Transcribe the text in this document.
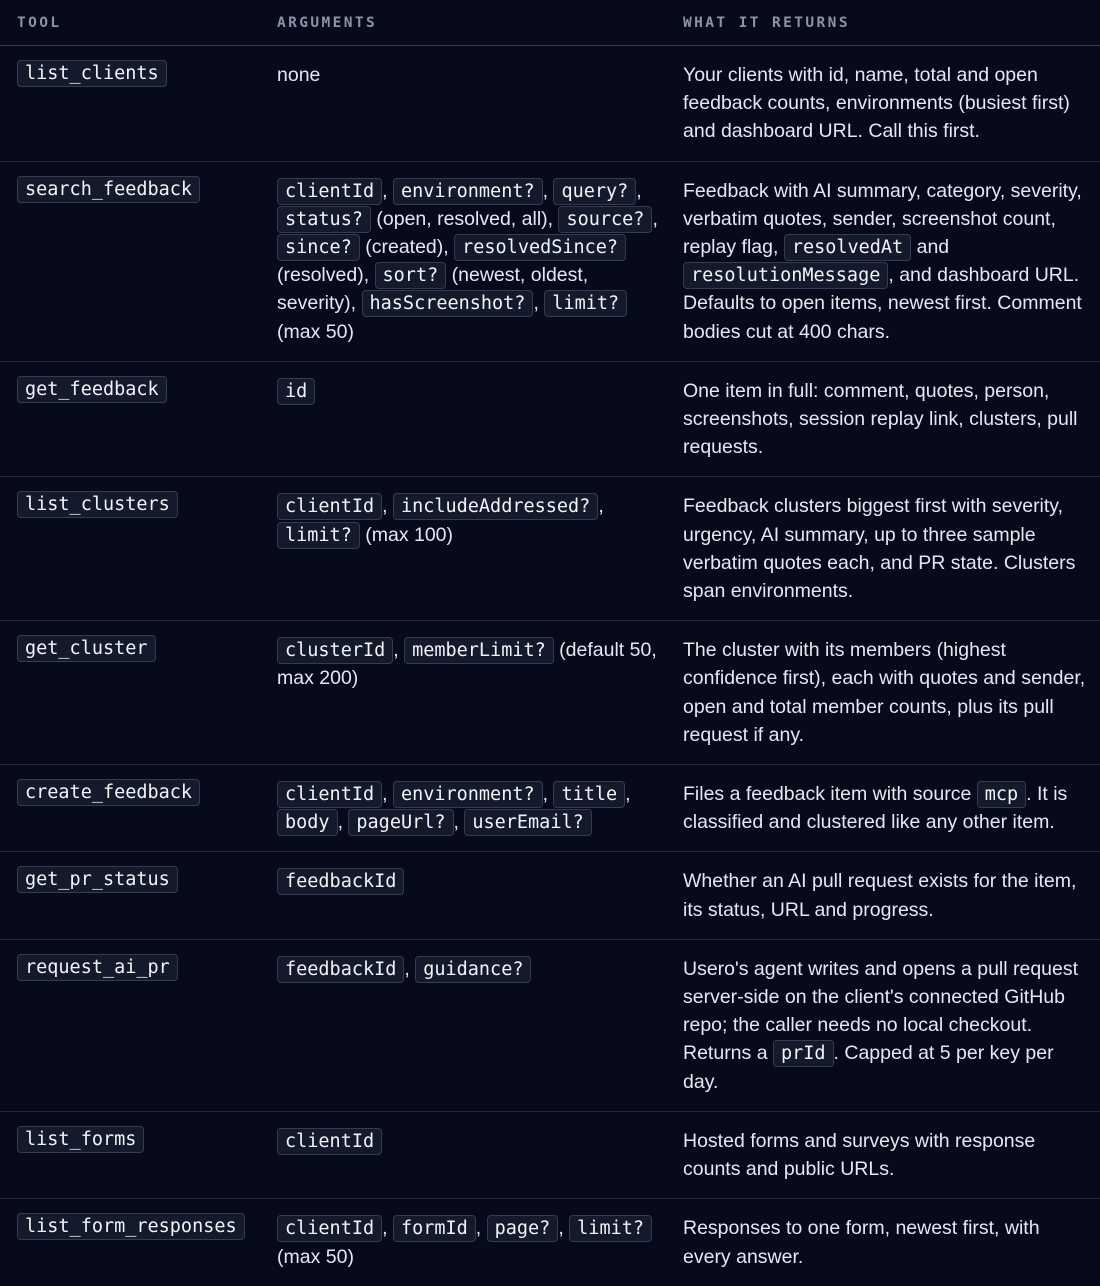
TOOL	ARGUMENTS	WHAT IT RETURNS
list_clients	none	Your clients with id, name, total and open feedback counts, environments (busiest first) and dashboard URL. Call this first.
search_feedback	clientId , environment? , query? , status? (open, resolved, all), source? , since? (created), resolvedSince? (resolved), sort? (newest, oldest, severity), hasScreenshot? , limit? (max 50)	Feedback with AI summary, category, severity, verbatim quotes, sender, screenshot count, replay flag, resolvedAt and resolutionMessage , and dashboard URL. Defaults to open items, newest first. Comment bodies cut at 400 chars.
get_feedback	id	One item in full: comment, quotes, person, screenshots, session replay link, clusters, pull requests.
list_clusters	clientId , includeAddressed? , limit? (max 100)	Feedback clusters biggest first with severity, urgency, AI summary, up to three sample verbatim quotes each, and PR state. Clusters span environments.
get_cluster	clusterId , memberLimit? (default 50, max 200)	The cluster with its members (highest confidence first), each with quotes and sender, open and total member counts, plus its pull request if any.
create_feedback	clientId , environment? , title , body , pageUrl? , userEmail?	Files a feedback item with source mcp . It is classified and clustered like any other item.
get_pr_status	feedbackId	Whether an AI pull request exists for the item, its status, URL and progress.
request_ai_pr	feedbackId , guidance?	Usero's agent writes and opens a pull request server-side on the client's connected GitHub repo; the caller needs no local checkout. Returns a prId . Capped at 5 per key per day.
list_forms	clientId	Hosted forms and surveys with response counts and public URLs.
list_form_responses	clientId , formId , page? , limit? (max 50)	Responses to one form, newest first, with every answer.
